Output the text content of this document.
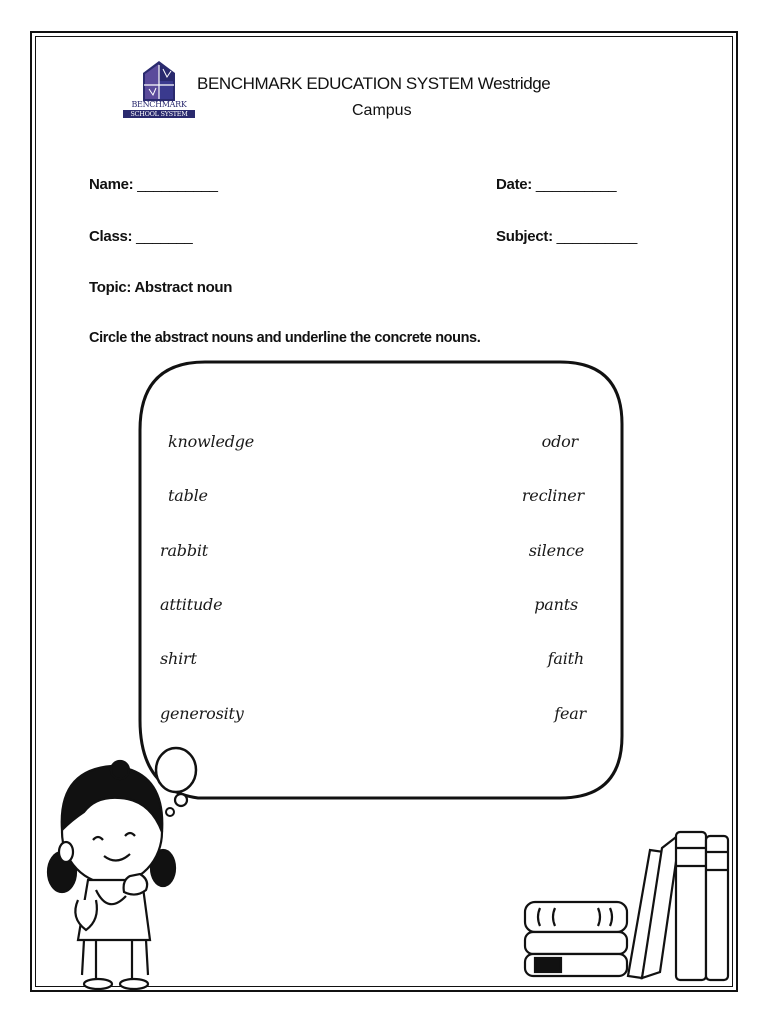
BENCHMARK
SCHOOL SYSTEM
BENCHMARK EDUCATION SYSTEM Westridge
Campus
Name: __________	Date: __________
Class: _______	Subject: __________
Topic: Abstract noun
Circle the abstract nouns and underline the concrete nouns.
knowledge
table
rabbit
attitude
shirt
generosity
odor
recliner
silence
pants
faith
fear
